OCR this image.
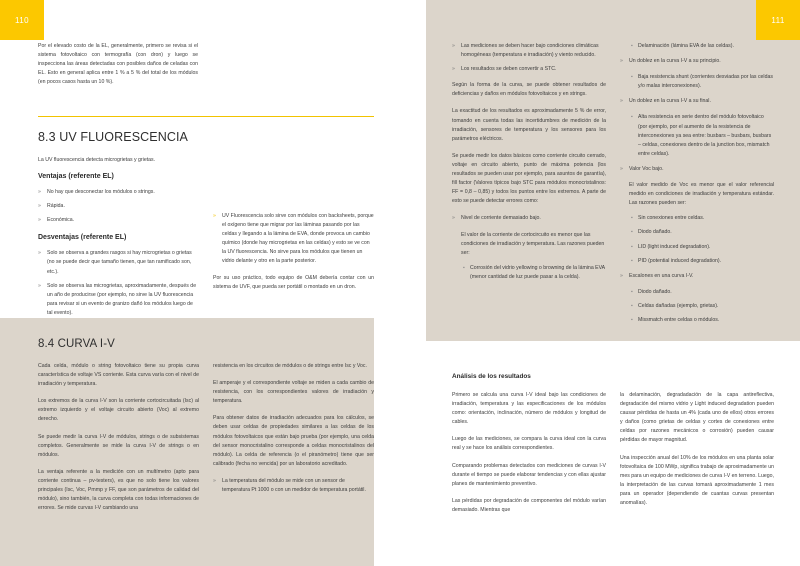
110

Por el elevado costo de la EL, generalmente, primero se revisa si el sistema fotovoltaico con termografía (con dron) y luego se inspecciona las áreas detectadas con posibles daños de celadas con EL. Esto en general aplica entre 1 % a 5 % del total de los módulos (en pocos casos hasta un 10 %).

8.3 UV FLUORESCENCIA

La UV fluorescencia detecta microgrietas y grietas.

Ventajas (referente EL)
» No hay que desconectar los módulos o strings.
» Rápida.
» Económica.
Desventajas (referente EL)
» Solo se observa a grandes rasgos si hay microgrietas o grietas (no se puede decir que tamaño tienen, que tan ramificado son, etc.).
» Solo se observa las microgrietas, aproximadamente, después de un año de producirse (por ejemplo, no sirve la UV fluorescencia para revisar si un evento de granizo dañó los módulos luego de tal evento).
» UV Fluorescencia solo sirve con módulos con backsheets, porque el oxígeno tiene que migrar por las láminas pasando por las celdas y llegando a la lámina de EVA, donde provoca un cambio químico (donde hay microgrietas en las celdas) y esto se ve con la UV fluorescencia. No sirve para los módulos que tienen un vidrio delante y otro en la parte posterior.

Por su uso práctico, todo equipo de O&M debería contar con un sistema de UVF, que pueda ser portátil o montado en un dron.

8.4 CURVA I-V

Cada celda, módulo o string fotovoltaico tiene su propia curva característica de voltaje VS corriente. Esta curva varía con el nivel de irradiación y temperatura.

Los extremos de la curva I-V son la corriente cortocircuitada (Isc) al extremo izquierdo y el voltaje circuito abierto (Voc) al extremo derecho.

Se puede medir la curva I-V de módulos, strings o de subsistemas completos. Generalmente se mide la curva I-V de strings o en módulos.

La ventaja referente a la medición con un multímetro (apto para corriente continua – pv-testers), es que no solo tiene los valores principales (Isc, Voc, Pmmp y FF, que son parámetros de calidad del módulo), sino también, la curva completa con todas informaciones de errores. Se mide curvas I-V cambiando una

resistencia en los circuitos de módulos o de strings entre Isc y Voc.

El amperaje y el correspondiente voltaje se miden a cada cambio de resistencia, con los correspondientes valores de irradiación y temperatura.

Para obtener datos de irradiación adecuados para los cálculos, se deben usar celdas de propiedades similares a las celdas de los módulos fotovoltaicos que están bajo prueba (por ejemplo, una celda del sensor monocristalino corresponde a celdas monocristalinos del módulo). La celda de referencia (o el piranómetro) tiene que ser calibrado (fecha no vencida) por un laboratorio acreditado.

» La temperatura del módulo se mide con un sensor de temperatura Pt 1000 o con un medidor de temperatura portátil.
111
» Las mediciones se deben hacer bajo condiciones climáticas homogéneas (temperatura e irradiación) y viento reducido.
» Los resultados se deben convertir a STC.

Según la forma de la curva, se puede obtener resultados de deficiencias y daños en módulos fotovoltaicos y en strings.

La exactitud de los resultados es aproximadamente 5 % de error, tomando en cuenta todas las incertidumbres de medición de la irradiación, sensores de temperatura y los sensores para los parámetros eléctricos.

Se puede medir los datos básicos como corriente circuito cerrado, voltaje en circuito abierto, punto de máxima potencia (los resultados se pueden usar por ejemplo, para asuntos de garantía), fill factor (Valores típicos bajo STC para módulos monocristalinos: FF = 0,8 – 0,85) y todos los puntos entre los extremos. A parte de esto se puede detectar errores como:

» Nivel de corriente demasiado bajo.

El valor de la corriente de cortocircuito es menor que las condiciones de irradiación y temperatura. Las razones pueden ser:

▪ Corrosión del vidrio yellowing o browning de la lámina EVA (menor cantidad de luz puede pasar a la celda).
▪ Delaminación (lámina EVA de las celdas).
» Un doblez en la curva I-V a su principio.
▪ Baja resistencia shunt (corrientes desviadas por las celdas y/o malas interconexiones).
» Un doblez en la curva I-V a su final.
▪ Alta resistencia en serie dentro del módulo fotovoltaico (por ejemplo, por el aumento de la resistencia de interconexiones ya sea entre: busbars – busbars, busbars – celdas, conexiones dentro de la junction box, mismatch entre celdas).
» Valor Voc bajo.

El valor medido de Voc es menor que el valor referencial medido en condiciones de irradiación y temperatura estándar. Las razones pueden ser:

▪ Sin conexiones entre celdas.
▪ Diodo dañado.
▪ LID (light induced degradation).
▪ PID (potential induced degradation).
» Escalones en una curva I-V.
▪ Diodo dañado.
▪ Celdas dañadas (ejemplo, grietas).
▪ Missmatch entre celdas o módulos.
Análisis de los resultados

Primero se calcula una curva I-V ideal bajo las condiciones de irradiación, temperatura y las especificaciones de los módulos como: orientación, inclinación, número de módulos y longitud de cables.

Luego de las mediciones, se compara la curva ideal con la curva real y se hace los análisis correspondientes.

Comparando problemas detectados con mediciones de curvas I-V durante el tiempo se puede elaborar tendencias y con ellas ajustar planes de mantenimiento preventivo.

Las pérdidas por degradación de componentes del módulo varían demasiado. Mientras que

la delaminación, degradadación de la capa antireflectiva, degradación del mismo vidrio y Light induced degradation pueden causar pérdidas de hasta un 4% (cada uno de ellos) otros errores y daños (como grietas de celdas y cortes de conexiones entre celdas por razones mecánicos o corrosión) pueden causar pérdidas de mayor magnitud.

Una inspección anual del 10% de los módulos en una planta solar fotovoltaica de 100 MWp, significa trabajo de aproximadamente un mes para un equipo de mediciones de curva I-V en terreno. Luego, la interpretación de las curvas tomará aproximadamente 1 mes para un operador (dependiendo de cuantas curvas presentan anomalías).
